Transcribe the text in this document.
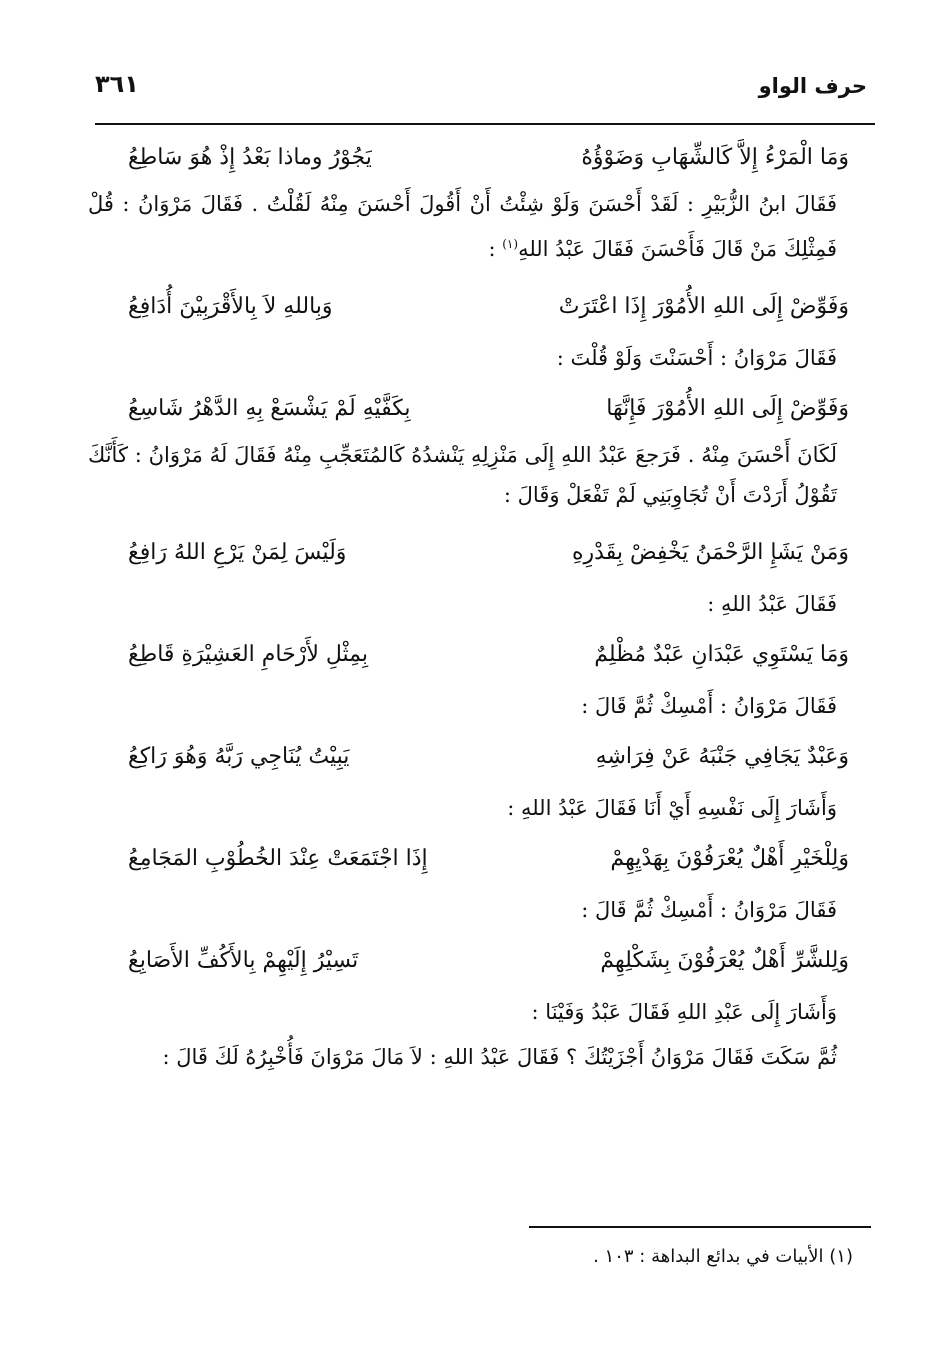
حرف الواو
٣٦١
وَمَا الْمَرْءُ إِلاَّ كَالشِّهَابِ وَضَوْؤُهُ
يَجُوْرُ وماذا بَعْدُ إِذْ هُوَ سَاطِعُ
فَقَالَ ابنُ الزُّبَيْرِ : لَقَدْ أَحْسَنَ وَلَوْ شِئْتُ أَنْ أَقُولَ أَحْسَنَ مِنْهُ لَقُلْتُ . فَقَالَ مَرْوَانُ : قُلْ فَمِثْلِكَ مَنْ قَالَ فَأَحْسَنَ فَقَالَ عَبْدُ اللهِ$^{(١)}$ :
وَفَوِّضْ إِلَى اللهِ الأُمُوْرَ إِذَا اعْتَرَتْ
وَبِاللهِ لاَ بِالأَقْرَبِيْنَ أُدَافِعُ
فَقَالَ مَرْوَانُ : أَحْسَنْتَ وَلَوْ قُلْتَ :
وَفَوِّضْ إِلَى اللهِ الأُمُوْرَ فَإِنَّهَا
بِكَفَّيْهِ لَمْ يَشْسَعْ بِهِ الدَّهْرُ شَاسِعُ
لَكَانَ أَحْسَنَ مِنْهُ . فَرَجعَ عَبْدُ اللهِ إِلَى مَنْزِلِهِ يَنْشدُهُ كَالمُتَعَجِّبِ مِنْهُ فَقَالَ لَهُ مَرْوَانُ : كَأَنَّكَ تَقُوْلُ أَرَدْتَ أَنْ تُجَاوِبَنِي لَمْ تَفْعَلْ وَقَالَ :
وَمَنْ يَشَإِ الرَّحْمَنُ يَخْفِضْ بِقَدْرِهِ
وَلَيْسَ لِمَنْ يَرْعِ اللهُ رَافِعُ
فَقَالَ عَبْدُ اللهِ :
وَمَا يَسْتَوِي عَبْدَانِ عَبْدٌ مُظْلِمٌ
بِمِثْلِ لأَرْحَامِ العَشِيْرَةِ قَاطِعُ
فَقَالَ مَرْوَانُ : أَمْسِكْ ثُمَّ قَالَ :
وَعَبْدٌ يَجَافِي جَنْبَهُ عَنْ فِرَاشِهِ
يَبِيْتُ يُنَاجِي رَبَّهُ وَهُوَ رَاكِعُ
وَأَشَارَ إِلَى نَفْسِهِ أَيْ أَنَا فَقَالَ عَبْدُ اللهِ :
وَلِلْخَيْرِ أَهْلٌ يُعْرَفُوْنَ بِهَدْيِهِمْ
إِذَا اجْتَمَعَتْ عِنْدَ الخُطُوْبِ المَجَامِعُ
فَقَالَ مَرْوَانُ : أَمْسِكْ ثُمَّ قَالَ :
وَلِلشَّرِّ أَهْلٌ يُعْرَفُوْنَ بِشَكْلِهِمْ
تَسِيْرُ إِلَيْهِمْ بِالأَكُفِّ الأَصَابِعُ
وَأَشَارَ إِلَى عَبْدِ اللهِ فَقَالَ عَبْدُ وَفَيْنَا :
ثُمَّ سَكَتَ فَقَالَ مَرْوَانُ أَجْزَيْتُكَ ؟ فَقَالَ عَبْدُ اللهِ : لاَ مَالَ مَرْوَانَ فَأُخْبِرُهُ لَكَ قَالَ :
(١) الأبيات في بدائع البداهة : ١٠٣ .
